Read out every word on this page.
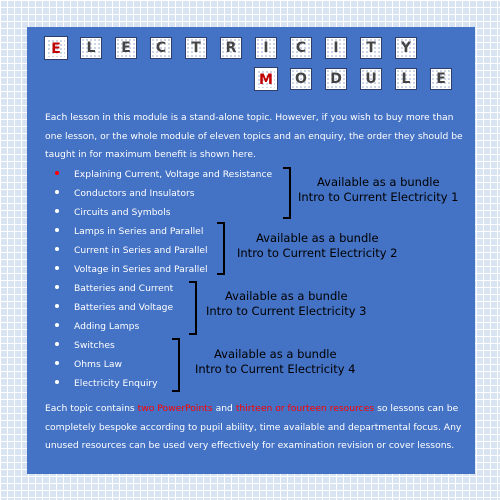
E	L	E	C	T	R	I	C	I	T	Y
M	O	D	U	L	E

Each lesson in this module is a stand-alone topic. However, if you wish to buy more than one lesson, or the whole module of eleven topics and an enquiry, the order they should be taught in for maximum benefit is shown here.

Explaining Current, Voltage and Resistance
Conductors and Insulators
Circuits and Symbols
Available as a bundle
Intro to Current Electricity 1
Lamps in Series and Parallel
Current in Series and Parallel
Voltage in Series and Parallel
Available as a bundle
Intro to Current Electricity 2
Batteries and Current
Batteries and Voltage
Adding Lamps
Available as a bundle
Intro to Current Electricity 3
Switches
Ohms Law
Electricity Enquiry
Available as a bundle
Intro to Current Electricity 4

Each topic contains two PowerPoints and thirteen or fourteen resources so lessons can be completely bespoke according to pupil ability, time available and departmental focus. Any unused resources can be used very effectively for examination revision or cover lessons.
